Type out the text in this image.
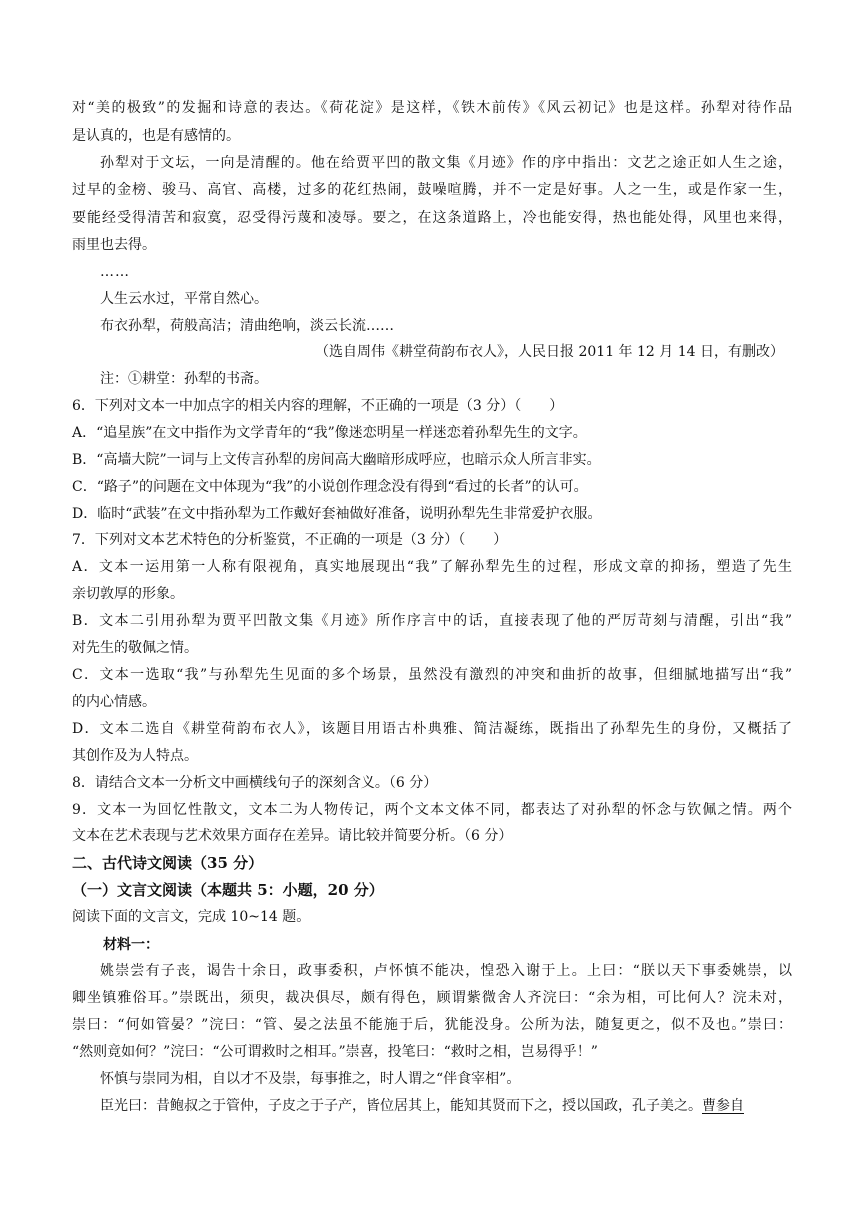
对“美的极致”的发掘和诗意的表达。《荷花淀》是这样，《铁木前传》《风云初记》也是这样。孙犁对待作品
是认真的，也是有感情的。
孙犁对于文坛，一向是清醒的。他在给贾平凹的散文集《月迹》作的序中指出：文艺之途正如人生之途，
过早的金榜、骏马、高官、高楼，过多的花红热闹，鼓噪喧腾，并不一定是好事。人之一生，或是作家一生，
要能经受得清苦和寂寞，忍受得污蔑和凌辱。要之，在这条道路上，冷也能安得，热也能处得，风里也来得，
雨里也去得。
……
人生云水过，平常自然心。
布衣孙犁，荷般高洁；清曲绝响，淡云长流……
（选自周伟《耕堂荷韵布衣人》，人民日报 2011 年 12 月 14 日，有删改）
注：①耕堂：孙犁的书斋。
6．下列对文本一中加点字的相关内容的理解，不正确的一项是（3 分）（　　）
A．“追星族”在文中指作为文学青年的“我”像迷恋明星一样迷恋着孙犁先生的文字。
B．“高墙大院”一词与上文传言孙犁的房间高大幽暗形成呼应，也暗示众人所言非实。
C．“路子”的问题在文中体现为“我”的小说创作理念没有得到“看过的长者”的认可。
D．临时“武装”在文中指孙犁为工作戴好套袖做好准备，说明孙犁先生非常爱护衣服。
7．下列对文本艺术特色的分析鉴赏，不正确的一项是（3 分）（　　）
A．文本一运用第一人称有限视角，真实地展现出“我”了解孙犁先生的过程，形成文章的抑扬，塑造了先生
亲切敦厚的形象。
B．文本二引用孙犁为贾平凹散文集《月迹》所作序言中的话，直接表现了他的严厉苛刻与清醒，引出“我”
对先生的敬佩之情。
C．文本一选取“我”与孙犁先生见面的多个场景，虽然没有激烈的冲突和曲折的故事，但细腻地描写出“我”
的内心情感。
D．文本二选自《耕堂荷韵布衣人》，该题目用语古朴典雅、简洁凝练，既指出了孙犁先生的身份，又概括了
其创作及为人特点。
8．请结合文本一分析文中画横线句子的深刻含义。（6 分）
9．文本一为回忆性散文，文本二为人物传记，两个文本文体不同，都表达了对孙犁的怀念与钦佩之情。两个
文本在艺术表现与艺术效果方面存在差异。请比较并简要分析。（6 分）
二、古代诗文阅读（35 分）
（一）文言文阅读（本题共 5：小题，20 分）
阅读下面的文言文，完成 10~14 题。
材料一：
姚崇尝有子丧，谒告十余日，政事委积，卢怀慎不能决，惶恐入谢于上。上曰：“朕以天下事委姚崇，以
卿坐镇雅俗耳。”崇既出，须臾，裁决俱尽，颇有得色，顾谓紫微舍人齐浣曰：“余为相，可比何人？浣未对，
崇曰：“何如管晏？”浣曰：“管、晏之法虽不能施于后，犹能没身。公所为法，随复更之，似不及也。”崇曰：
“然则竟如何？”浣曰：“公可谓救时之相耳。”崇喜，投笔曰：“救时之相，岂易得乎！”
怀慎与崇同为相，自以才不及崇，每事推之，时人谓之“伴食宰相”。
臣光曰：昔鲍叔之于管仲，子皮之于子产，皆位居其上，能知其贤而下之，授以国政，孔子美之。曹参自
